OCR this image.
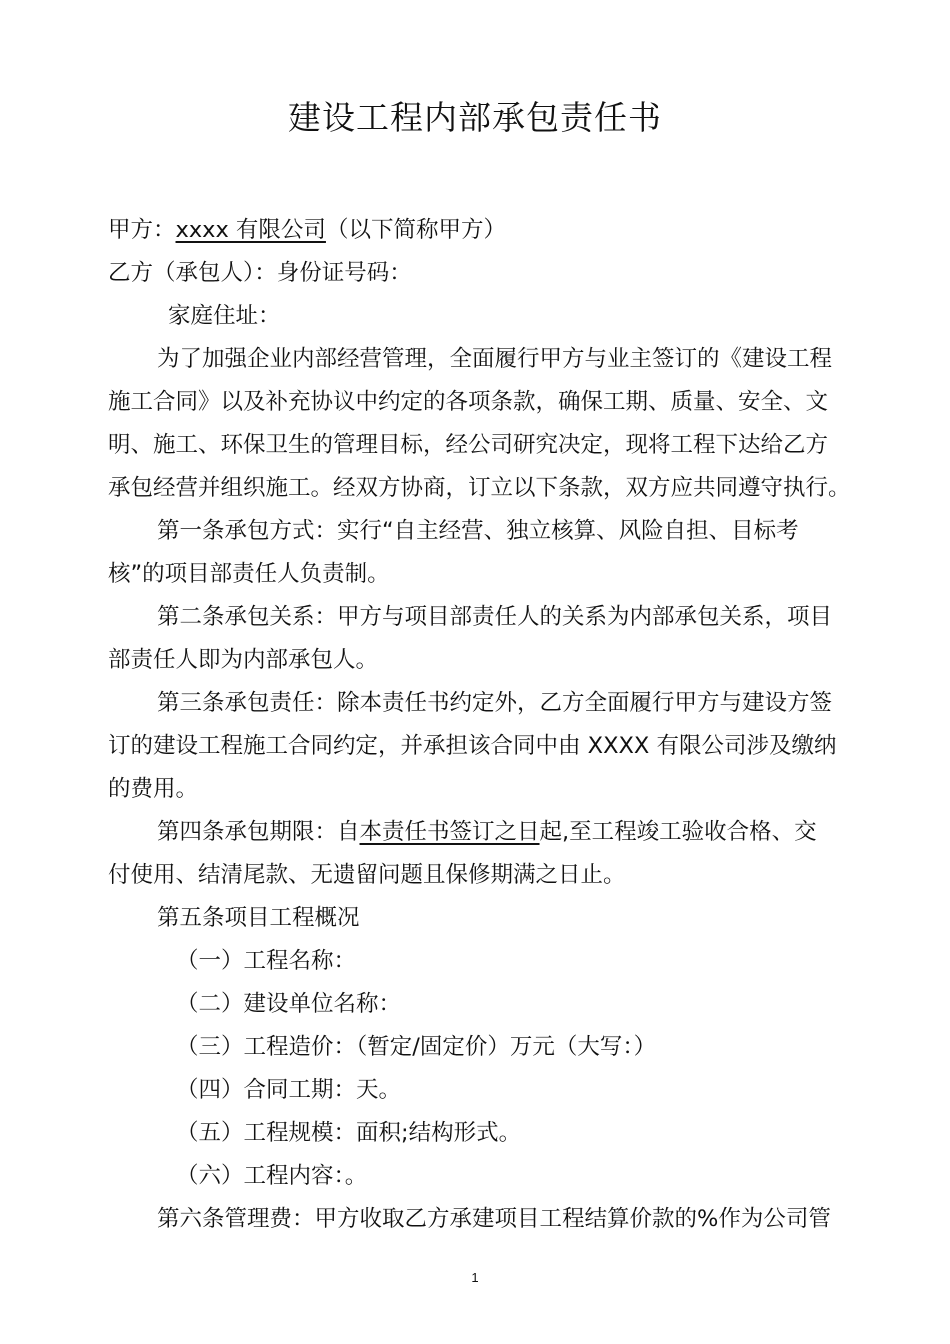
建设工程内部承包责任书
甲方：xxxx 有限公司（以下简称甲方）
乙方（承包人）：身份证号码：
家庭住址：
为了加强企业内部经营管理，全面履行甲方与业主签订的《建设工程
施工合同》以及补充协议中约定的各项条款，确保工期、质量、安全、文
明、施工、环保卫生的管理目标，经公司研究决定，现将工程下达给乙方
承包经营并组织施工。经双方协商，订立以下条款，双方应共同遵守执行。
第一条承包方式：实行“自主经营、独立核算、风险自担、目标考
核”的项目部责任人负责制。
第二条承包关系：甲方与项目部责任人的关系为内部承包关系，项目
部责任人即为内部承包人。
第三条承包责任：除本责任书约定外，乙方全面履行甲方与建设方签
订的建设工程施工合同约定，并承担该合同中由 XXXX 有限公司涉及缴纳
的费用。
第四条承包期限：自本责任书签订之日起,至工程竣工验收合格、交
付使用、结清尾款、无遗留问题且保修期满之日止。
第五条项目工程概况
（一）工程名称：
（二）建设单位名称：
（三）工程造价：（暂定/固定价）万元（大写：）
（四）合同工期：天。
（五）工程规模：面积;结构形式。
（六）工程内容：。
第六条管理费：甲方收取乙方承建项目工程结算价款的%作为公司管
1
